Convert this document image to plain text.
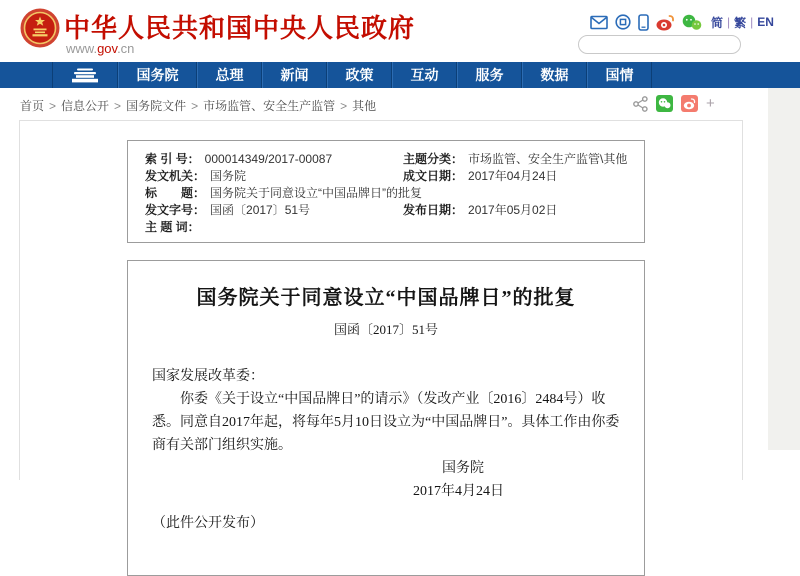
中华人民共和国中央人民政府
www.gov.cn
简 | 繁 | EN
国务院	总理	新闻	政策	互动	服务	数据	国情
首页 > 信息公开 > 国务院文件 > 市场监管、安全生产监管 > 其他	+
索 引 号： 000014349/2017-00087
发文机关： 国务院
标　　题： 国务院关于同意设立“中国品牌日”的批复
发文字号： 国函〔2017〕51号
主 题 词：
主题分类： 市场监管、安全生产监管\其他
成文日期： 2017年04月24日
发布日期： 2017年05月02日
国务院关于同意设立“中国品牌日”的批复
国函〔2017〕51号
国家发展改革委：
你委《关于设立“中国品牌日”的请示》（发改产业〔2016〕2484号）收悉。同意自2017年起，将每年5月10日设立为“中国品牌日”。具体工作由你委商有关部门组织实施。
国务院
2017年4月24日
（此件公开发布）
